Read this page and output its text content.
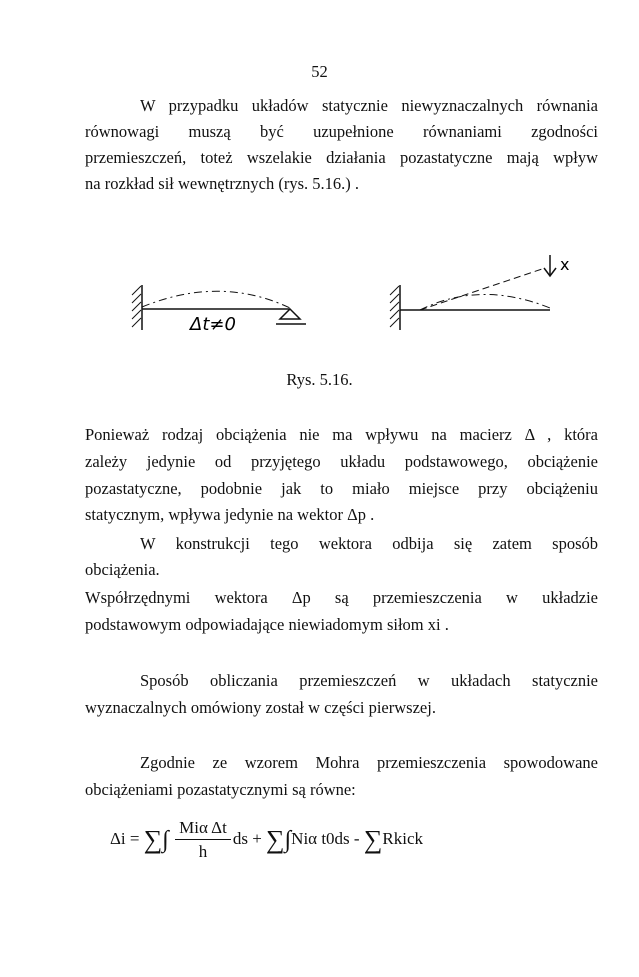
52
W przypadku układów statycznie niewyznaczalnych równania
równowagi muszą być uzupełnione równaniami zgodności
przemieszczeń, toteż wszelakie działania pozastatyczne mają wpływ
na rozkład sił wewnętrznych (rys. 5.16.) .
Δt≠0
x
Rys. 5.16.
Ponieważ rodzaj obciążenia nie ma wpływu na macierz Δ , która
zależy jedynie od przyjętego układu podstawowego, obciążenie
pozastatyczne, podobnie jak to miało miejsce przy obciążeniu
statycznym, wpływa jedynie na wektor Δp .
W konstrukcji tego wektora odbija się zatem sposób
obciążenia.
Współrzędnymi wektora Δp są przemieszczenia w układzie
podstawowym odpowiadające niewiadomym siłom xi .
Sposób obliczania przemieszczeń w układach statycznie
wyznaczalnych omówiony został w części pierwszej.
Zgodnie ze wzorem Mohra przemieszczenia spowodowane
obciążeniami pozastatycznymi są równe:
Δi = ∑∫ $\frac{\text{Miα Δt}}{h}$ ds + ∑∫Niα t0ds - ∑Rkick
